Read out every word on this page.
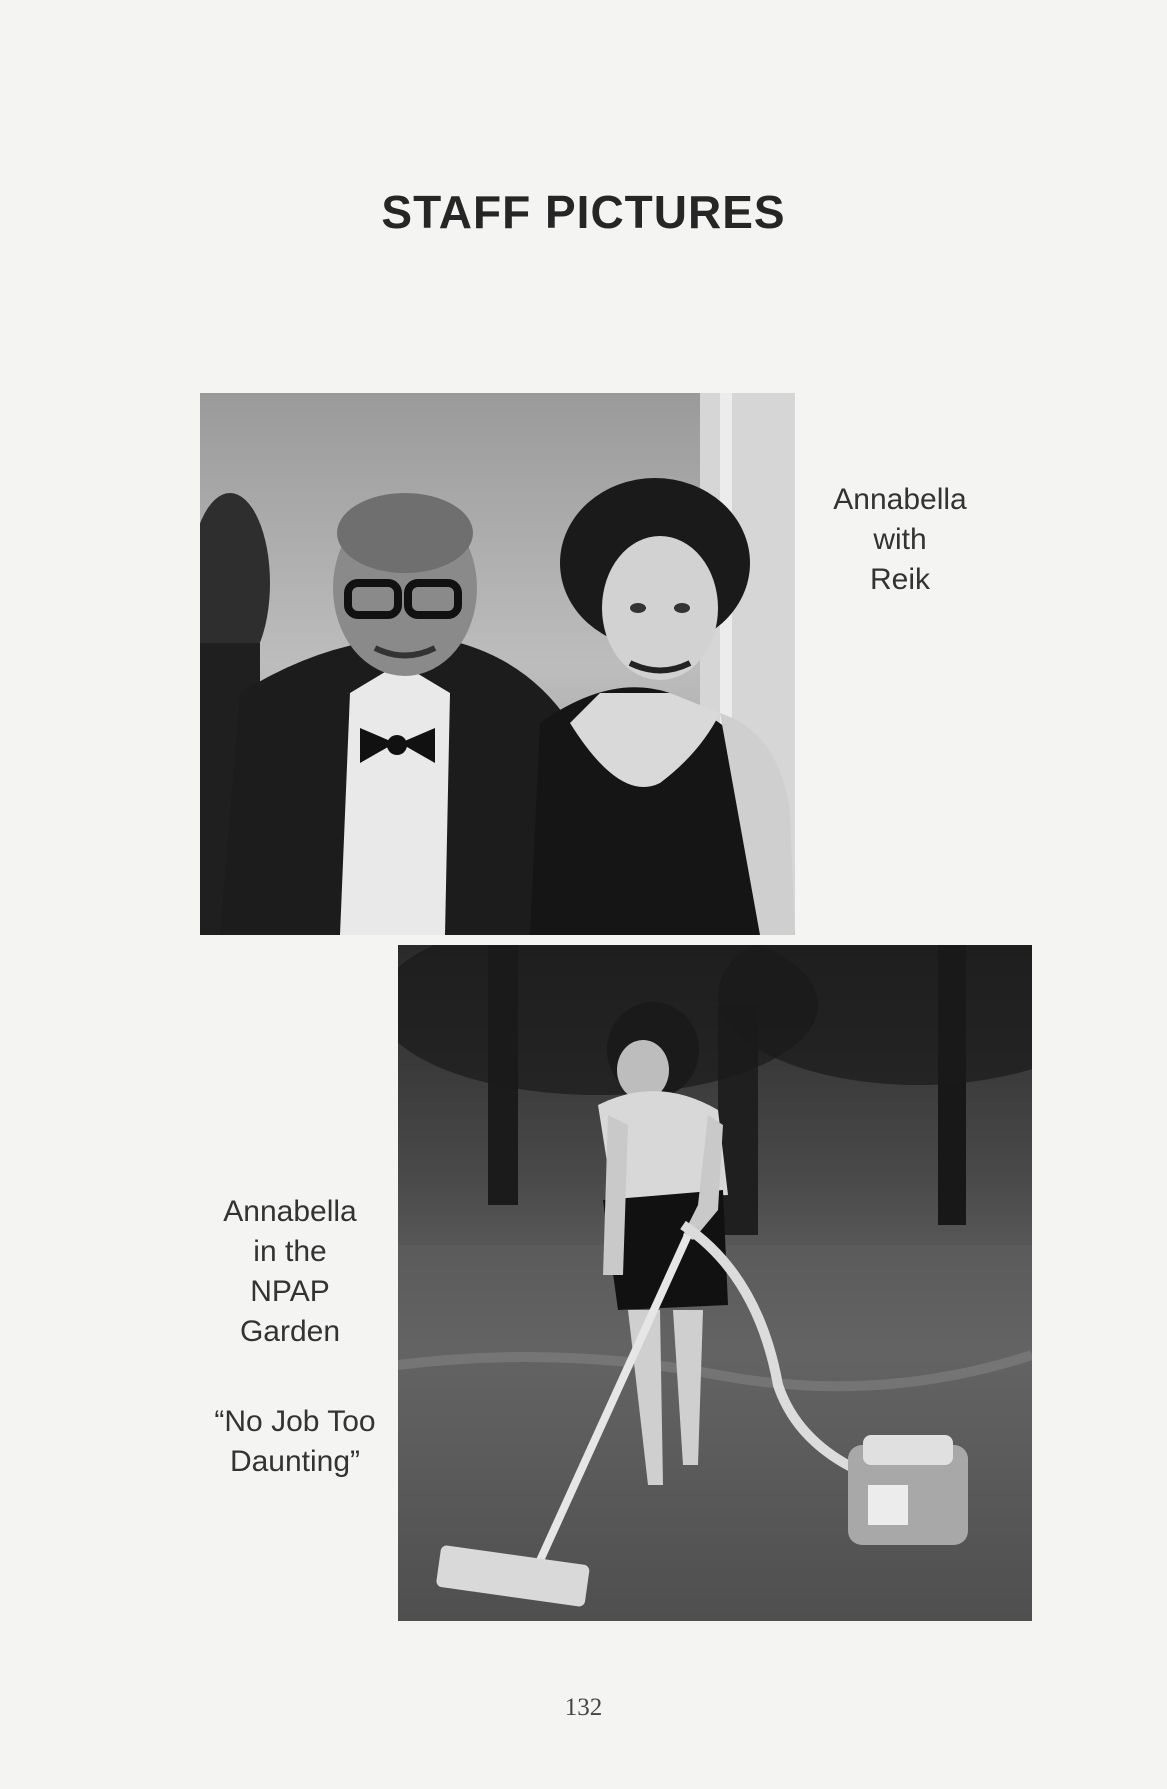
STAFF PICTURES
Annabella
with
Reik
Annabella
in the
NPAP
Garden
“No Job Too
Daunting”
132
